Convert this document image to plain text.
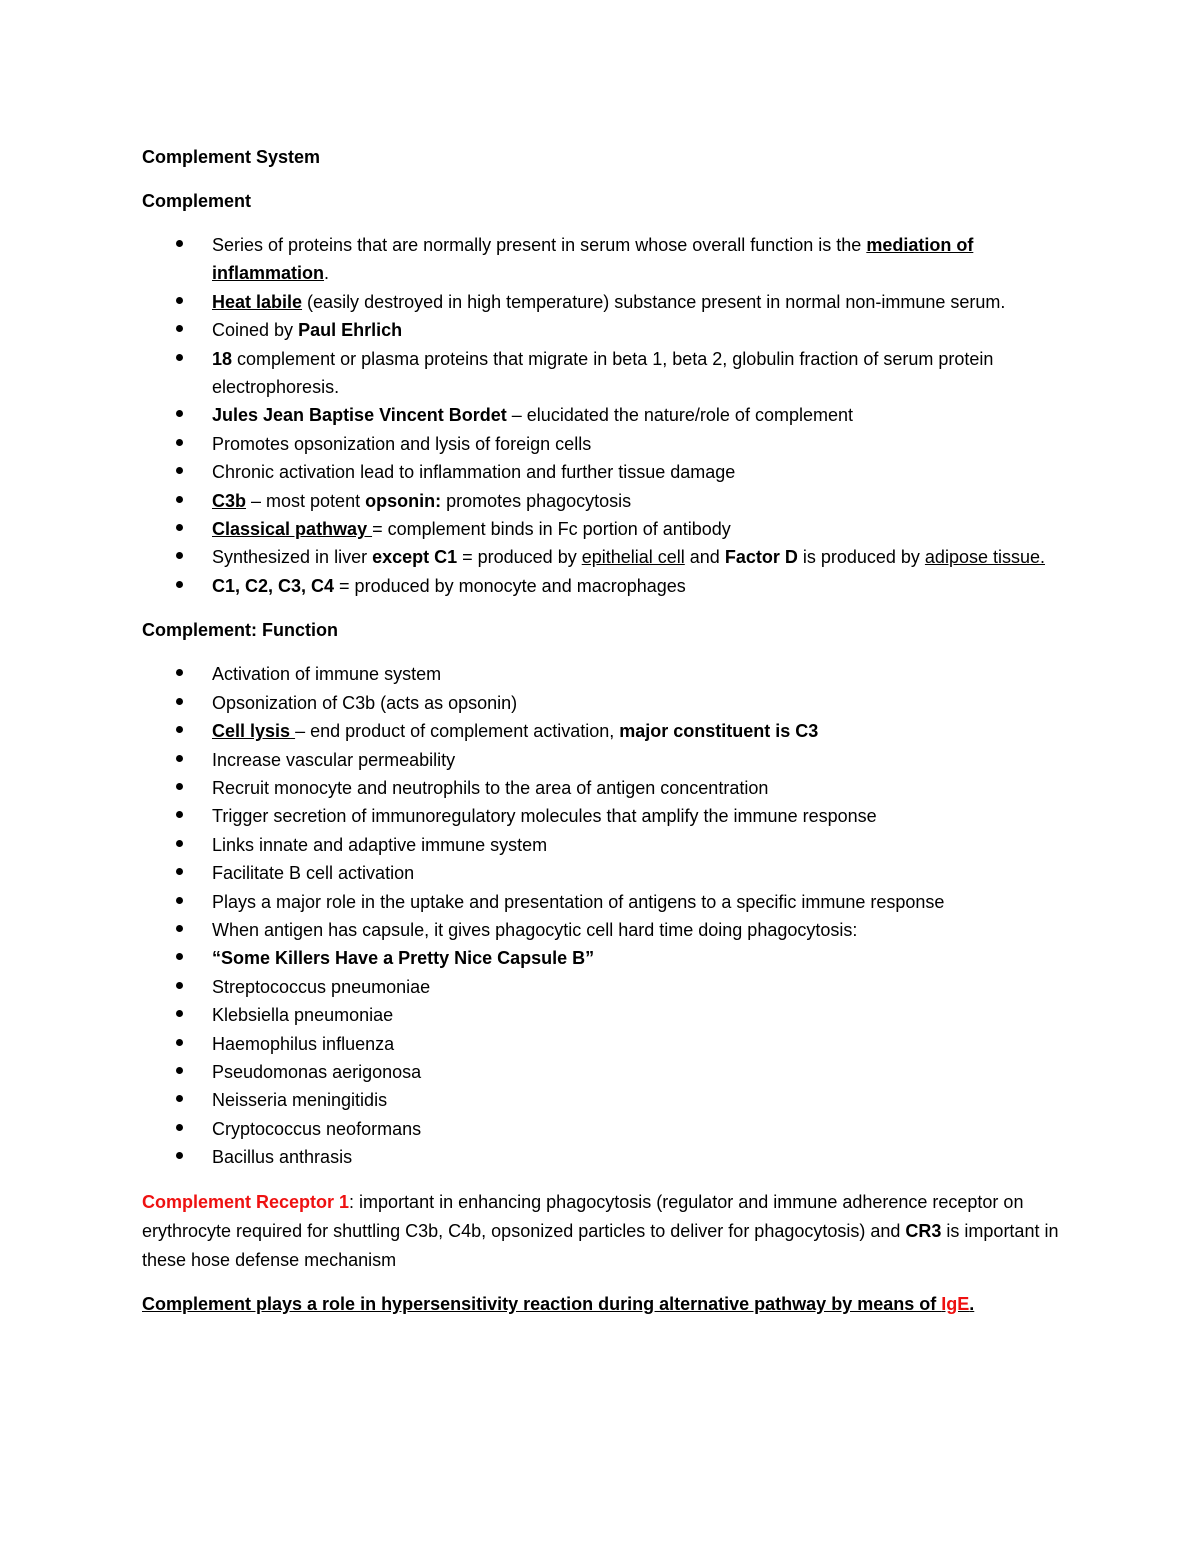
Complement System

Complement

Series of proteins that are normally present in serum whose overall function is the mediation of inflammation.
Heat labile (easily destroyed in high temperature) substance present in normal non-immune serum.
Coined by Paul Ehrlich
18 complement or plasma proteins that migrate in beta 1, beta 2, globulin fraction of serum protein electrophoresis.
Jules Jean Baptise Vincent Bordet – elucidated the nature/role of complement
Promotes opsonization and lysis of foreign cells
Chronic activation lead to inflammation and further tissue damage
C3b – most potent opsonin: promotes phagocytosis
Classical pathway = complement binds in Fc portion of antibody
Synthesized in liver except C1 = produced by epithelial cell and Factor D is produced by adipose tissue.
C1, C2, C3, C4 = produced by monocyte and macrophages

Complement: Function

Activation of immune system
Opsonization of C3b (acts as opsonin)
Cell lysis – end product of complement activation, major constituent is C3
Increase vascular permeability
Recruit monocyte and neutrophils to the area of antigen concentration
Trigger secretion of immunoregulatory molecules that amplify the immune response
Links innate and adaptive immune system
Facilitate B cell activation
Plays a major role in the uptake and presentation of antigens to a specific immune response
When antigen has capsule, it gives phagocytic cell hard time doing phagocytosis:
“Some Killers Have a Pretty Nice Capsule B”
Streptococcus pneumoniae
Klebsiella pneumoniae
Haemophilus influenza
Pseudomonas aerigonosa
Neisseria meningitidis
Cryptococcus neoformans
Bacillus anthrasis

Complement Receptor 1: important in enhancing phagocytosis (regulator and immune adherence receptor on erythrocyte required for shuttling C3b, C4b, opsonized particles to deliver for phagocytosis) and CR3 is important in these hose defense mechanism

Complement plays a role in hypersensitivity reaction during alternative pathway by means of IgE.
